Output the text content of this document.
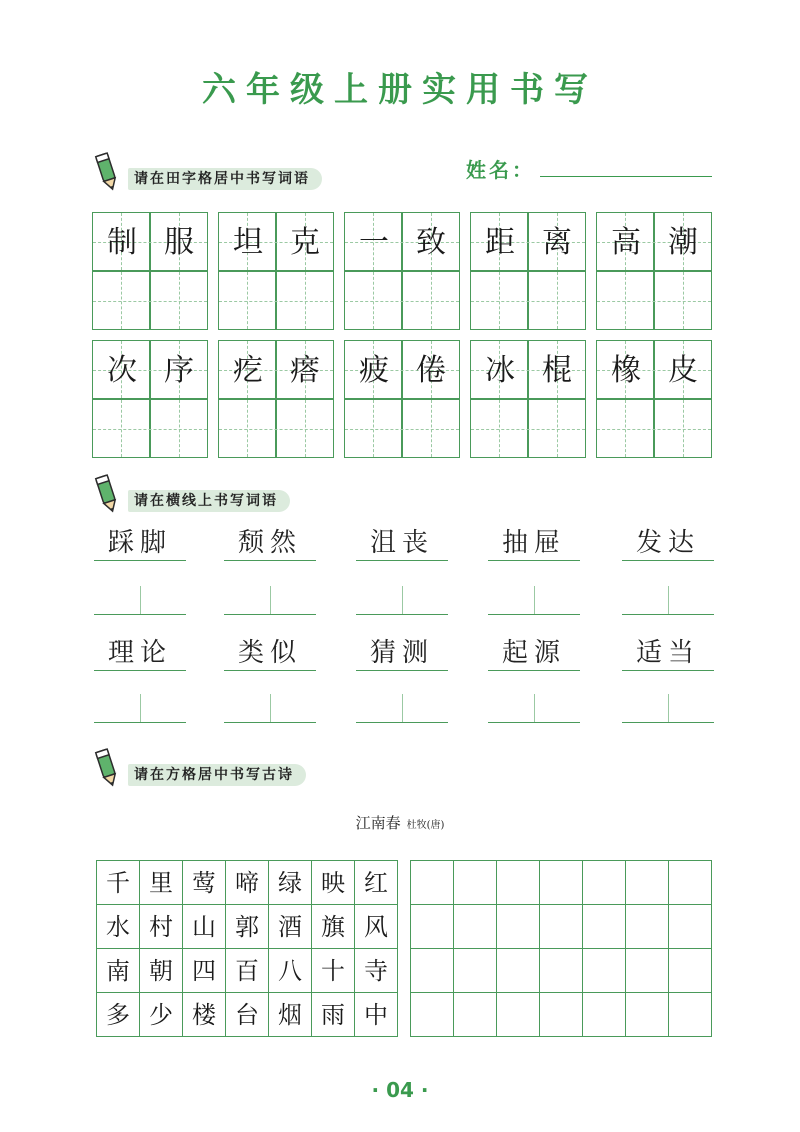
六年级上册实用书写
请在田字格居中书写词语	姓名：
制 服	坦 克	一 致	距 离	高 潮
次 序	疙 瘩	疲 倦	冰 棍	橡 皮
请在横线上书写词语
踩脚	颓然	沮丧	抽屉	发达
理论	类似	猜测	起源	适当
请在方格居中书写古诗
江南春 杜牧(唐)
千 里 莺 啼 绿 映 红
水 村 山 郭 酒 旗 风
南 朝 四 百 八 十 寺
多 少 楼 台 烟 雨 中
· 04 ·
